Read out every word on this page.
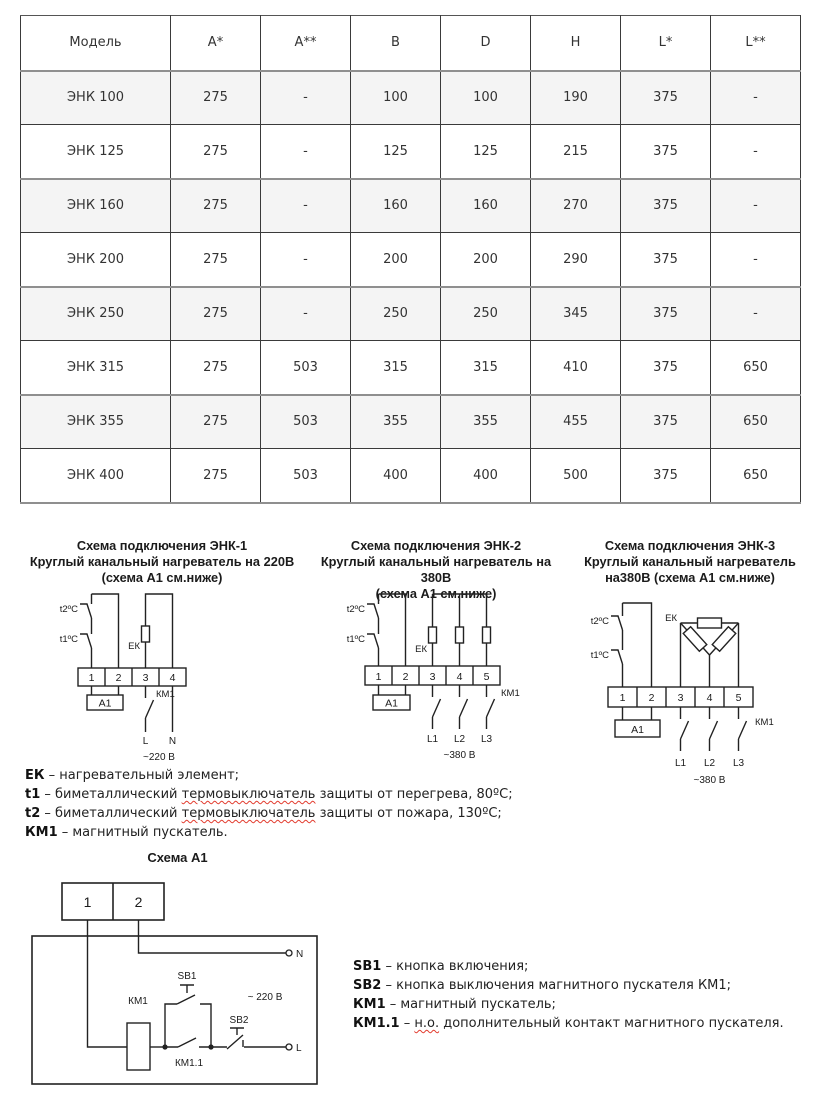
Модель	A*	A**	B	D	H	L*	L**
ЭНК 100	275	-	100	100	190	375	-
ЭНК 125	275	-	125	125	215	375	-
ЭНК 160	275	-	160	160	270	375	-
ЭНК 200	275	-	200	200	290	375	-
ЭНК 250	275	-	250	250	345	375	-
ЭНК 315	275	503	315	315	410	375	650
ЭНК 355	275	503	355	355	455	375	650
ЭНК 400	275	503	400	400	500	375	650
Схема подключения ЭНК-1
Круглый канальный нагреватель на 220В
(схема А1 см.ниже)
Схема подключения ЭНК-2
Круглый канальный нагреватель на 380В
(схема А1 см.ниже)
Схема подключения ЭНК-3
Круглый канальный нагреватель
на380В (схема А1 см.ниже)
1 2 3 4
А1
КМ1
L N
~220 В
t2ºC
t1ºC
ЕК
1 2 3 4 5
А1
КМ1
L1 L2 L3
~380 В
t2ºC
t1ºC
ЕК
1 2 3 4 5
А1
КМ1
L1 L2 L3
~380 В
t2ºC
t1ºC
ЕК
ЕК – нагревательный элемент;
t1 – биметаллический термовыключатель защиты от перегрева, 80ºС;
t2 – биметаллический термовыключатель защиты от пожара, 130ºС;
КМ1 – магнитный пускатель.
Схема А1
1	2
N
КМ1
SB1
КМ1.1
SB2
L
~ 220 В
SB1 – кнопка включения;
SB2 – кнопка выключения магнитного пускателя КМ1;
КМ1 – магнитный пускатель;
КМ1.1 – н.о. дополнительный контакт магнитного пускателя.
